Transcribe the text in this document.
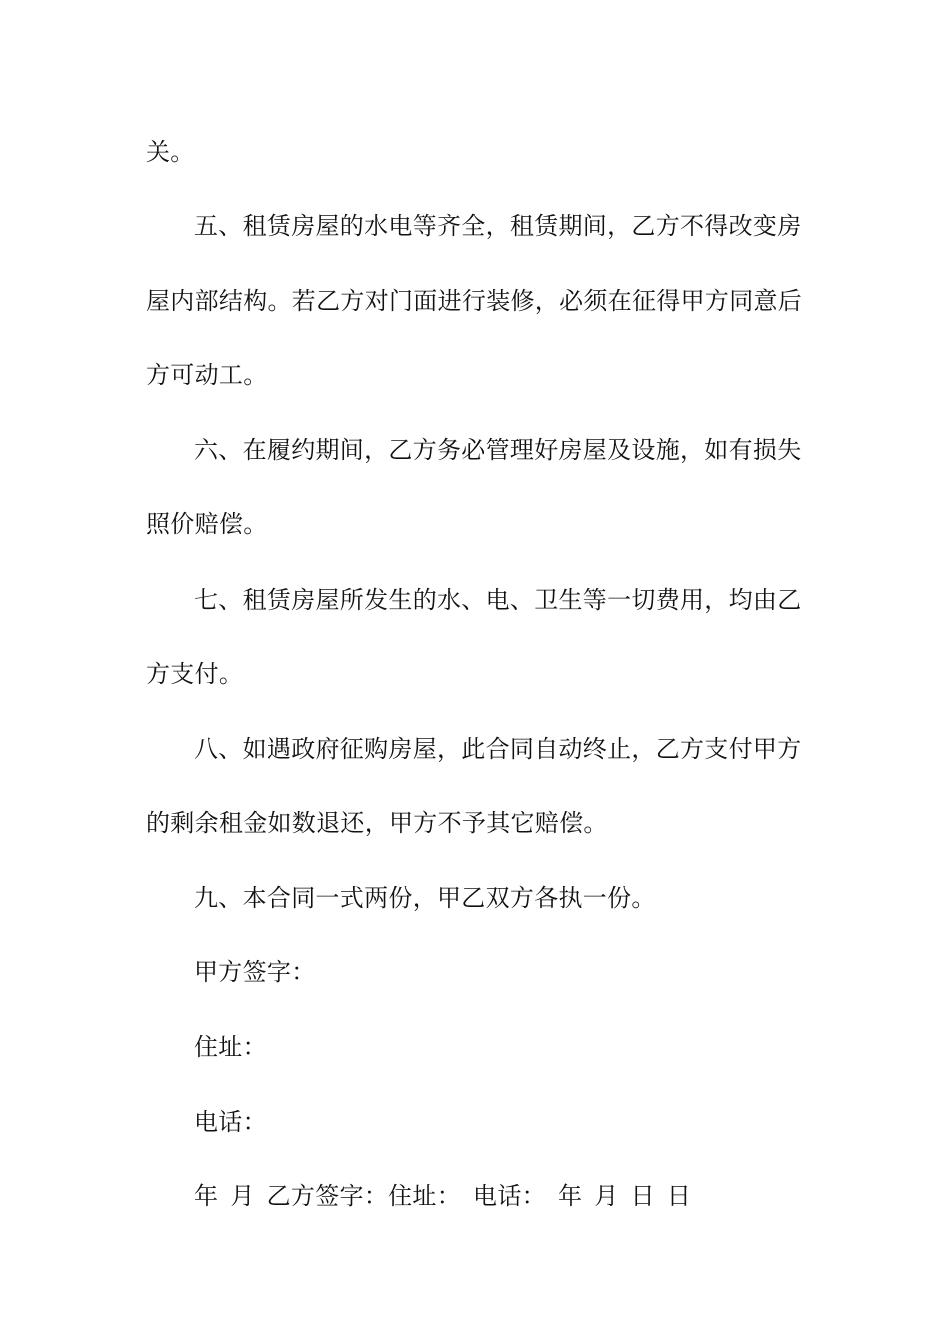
关。
五、租赁房屋的水电等齐全，租赁期间，乙方不得改变房
屋内部结构。若乙方对门面进行装修，必须在征得甲方同意后
方可动工。
六、在履约期间，乙方务必管理好房屋及设施，如有损失
照价赔偿。
七、租赁房屋所发生的水、电、卫生等一切费用，均由乙
方支付。
八、如遇政府征购房屋，此合同自动终止，乙方支付甲方
的剩余租金如数退还，甲方不予其它赔偿。
九、本合同一式两份，甲乙双方各执一份。
甲方签字：
住址：
电话：
年 月 乙方签字：住址： 电话： 年 月 日 日
